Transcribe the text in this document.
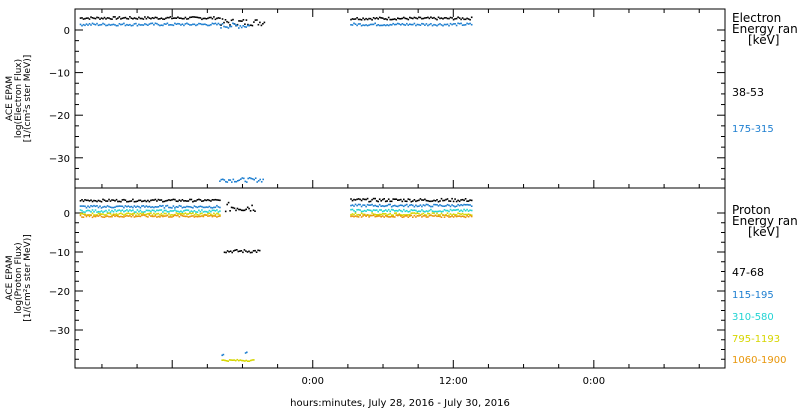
hours:minutes, July 28, 2016 - July 30, 2016
0:00	12:00	0:00
0
−10
−20
−30
ACE EPAM log(Electron Flux) [1/(cm²s ster MeV)]
Electron
Energy ran
[keV]
38-53
175-315
0
−10
−20
−30
ACE EPAM log(Proton Flux) [1/(cm²s ster MeV)]
Proton
Energy ran
[keV]
47-68
115-195
310-580
795-1193
1060-1900
